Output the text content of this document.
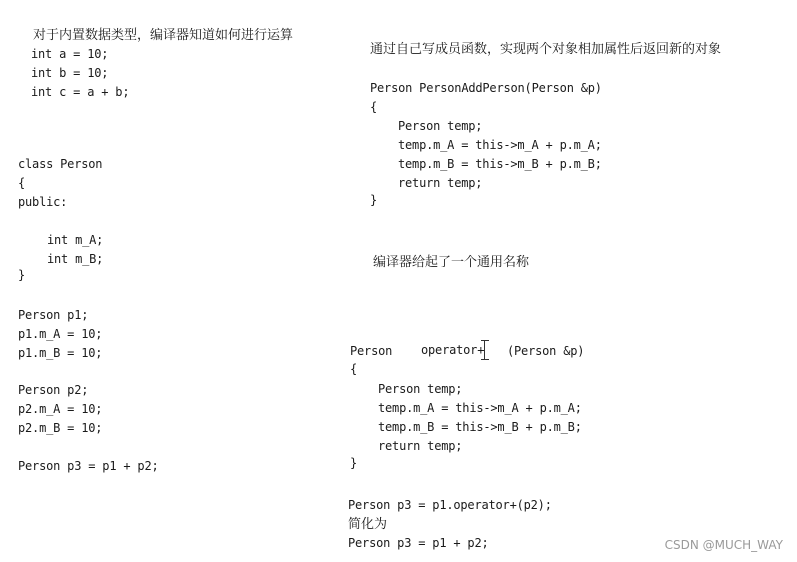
对于内置数据类型，编译器知道如何进行运算
int a = 10;
int b = 10;
int c = a + b;
class Person
{
public:
int m_A;
int m_B;
}
Person p1;
p1.m_A = 10;
p1.m_B = 10;
Person p2;
p2.m_A = 10;
p2.m_B = 10;
Person p3 = p1 + p2;
通过自己写成员函数，实现两个对象相加属性后返回新的对象
Person PersonAddPerson(Person &p)
{
Person temp;
temp.m_A = this->m_A + p.m_A;
temp.m_B = this->m_B + p.m_B;
return temp;
}
编译器给起了一个通用名称
Person operator+ (Person &p)
{
Person temp;
temp.m_A = this->m_A + p.m_A;
temp.m_B = this->m_B + p.m_B;
return temp;
}
Person p3 = p1.operator+(p2);
简化为
Person p3 = p1 + p2;	CSDN @MUCH_WAY
